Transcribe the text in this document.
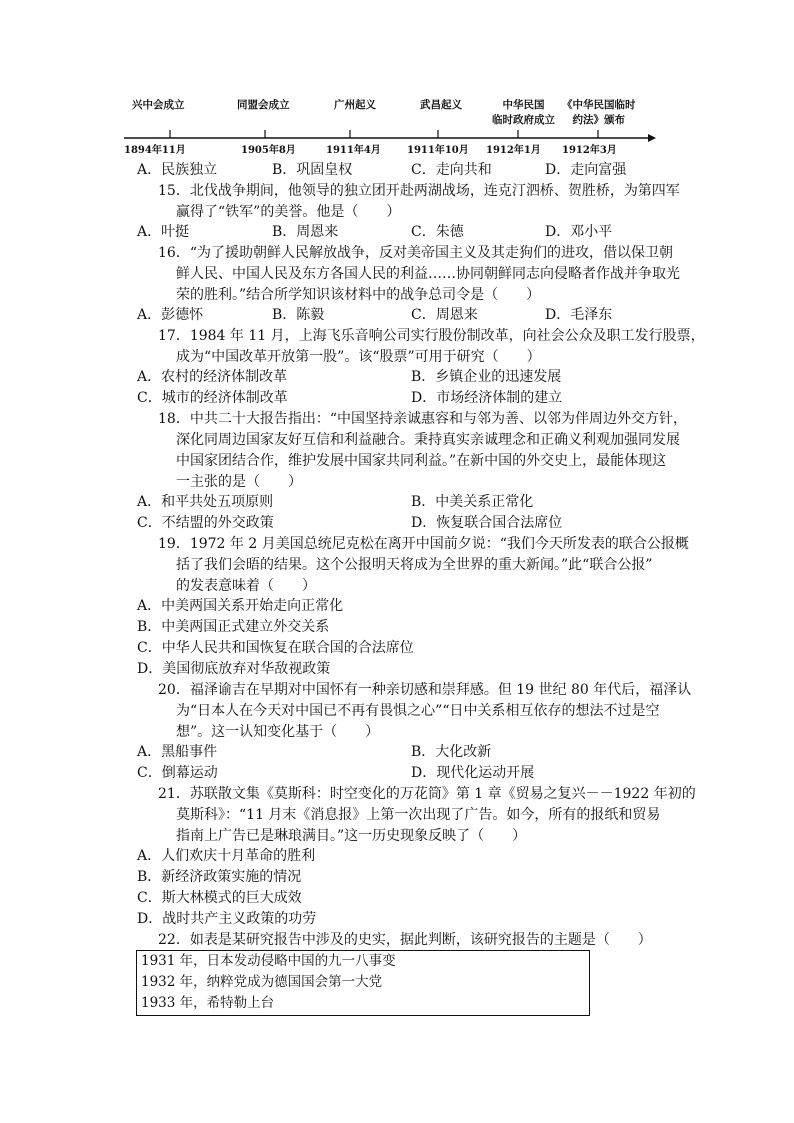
兴中会成立	同盟会成立	广州起义	武昌起义	中华民国
临时政府成立
《中华民国临时
约法》颁布
1894年11月	1905年8月	1911年4月	1911年10月 1912年1月 1912年3月
A．民族独立	B．巩固皇权	C．走向共和	D．走向富强
15．北伐战争期间，他领导的独立团开赴两湖战场，连克汀泗桥、贺胜桥，为第四军
赢得了“铁军”的美誉。他是（　　）
A．叶挺	B．周恩来	C．朱德	D．邓小平
16．“为了援助朝鲜人民解放战争，反对美帝国主义及其走狗们的进攻，借以保卫朝
鲜人民、中国人民及东方各国人民的利益……协同朝鲜同志向侵略者作战并争取光
荣的胜利。”结合所学知识该材料中的战争总司令是（　　）
A．彭德怀	B．陈毅	C．周恩来	D．毛泽东
17．1984 年 11 月，上海飞乐音响公司实行股份制改革，向社会公众及职工发行股票，
成为“中国改革开放第一股”。该“股票”可用于研究（　　）
A．农村的经济体制改革	B．乡镇企业的迅速发展
C．城市的经济体制改革	D．市场经济体制的建立
18．中共二十大报告指出：“中国坚持亲诚惠容和与邻为善、以邻为伴周边外交方针，
深化同周边国家友好互信和利益融合。秉持真实亲诚理念和正确义利观加强同发展
中国家团结合作，维护发展中国家共同利益。”在新中国的外交史上，最能体现这
一主张的是（　　）
A．和平共处五项原则	B．中美关系正常化
C．不结盟的外交政策	D．恢复联合国合法席位
19．1972 年 2 月美国总统尼克松在离开中国前夕说：“我们今天所发表的联合公报概
括了我们会晤的结果。这个公报明天将成为全世界的重大新闻。”此“联合公报”
的发表意味着（　　）
A．中美两国关系开始走向正常化
B．中美两国正式建立外交关系
C．中华人民共和国恢复在联合国的合法席位
D．美国彻底放弃对华敌视政策
20．福泽谕吉在早期对中国怀有一种亲切感和崇拜感。但 19 世纪 80 年代后，福泽认
为“日本人在今天对中国已不再有畏惧之心”“日中关系相互依存的想法不过是空
想”。这一认知变化基于（　　）
A．黑船事件	B．大化改新
C．倒幕运动	D．现代化运动开展
21．苏联散文集《莫斯科：时空变化的万花筒》第 1 章《贸易之复兴－－1922 年初的
莫斯科》：“11 月末《消息报》上第一次出现了广告。如今，所有的报纸和贸易
指南上广告已是琳琅满目。”这一历史现象反映了（　　）
A．人们欢庆十月革命的胜利
B．新经济政策实施的情况
C．斯大林模式的巨大成效
D．战时共产主义政策的功劳
22．如表是某研究报告中涉及的史实，据此判断，该研究报告的主题是（　　）
1931 年，日本发动侵略中国的九一八事变
1932 年，纳粹党成为德国国会第一大党
1933 年，希特勒上台
